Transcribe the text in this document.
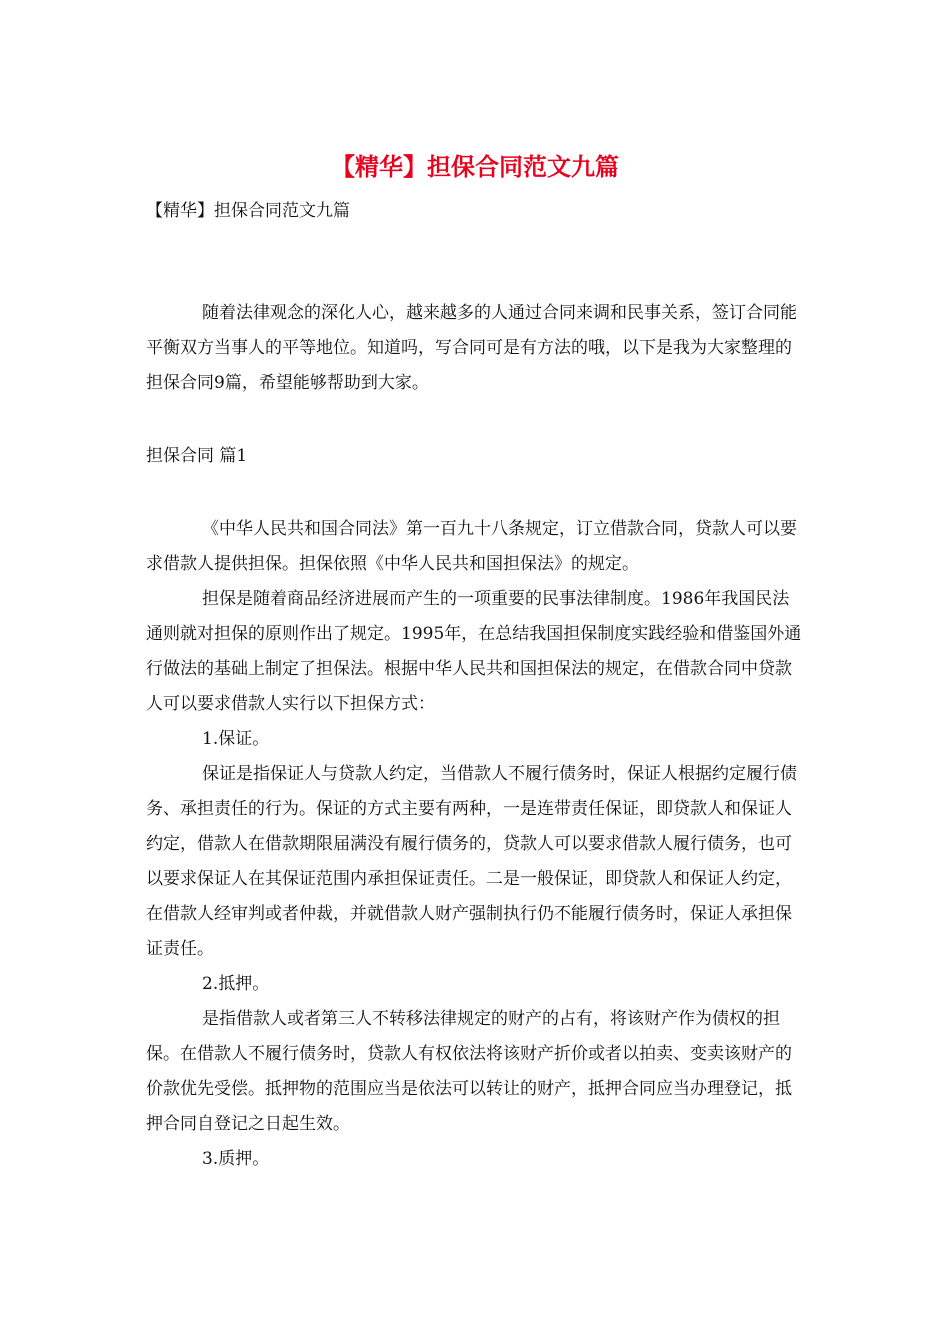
【精华】担保合同范文九篇
【精华】担保合同范文九篇

随着法律观念的深化人心，越来越多的人通过合同来调和民事关系，签订合同能平衡双方当事人的平等地位。知道吗，写合同可是有方法的哦，以下是我为大家整理的担保合同9篇，希望能够帮助到大家。

担保合同 篇1

《中华人民共和国合同法》第一百九十八条规定，订立借款合同，贷款人可以要求借款人提供担保。担保依照《中华人民共和国担保法》的规定。

担保是随着商品经济进展而产生的一项重要的民事法律制度。1986年我国民法通则就对担保的原则作出了规定。1995年，在总结我国担保制度实践经验和借鉴国外通行做法的基础上制定了担保法。根据中华人民共和国担保法的规定，在借款合同中贷款人可以要求借款人实行以下担保方式：

1.保证。

保证是指保证人与贷款人约定，当借款人不履行债务时，保证人根据约定履行债务、承担责任的行为。保证的方式主要有两种，一是连带责任保证，即贷款人和保证人约定，借款人在借款期限届满没有履行债务的，贷款人可以要求借款人履行债务，也可以要求保证人在其保证范围内承担保证责任。二是一般保证，即贷款人和保证人约定，在借款人经审判或者仲裁，并就借款人财产强制执行仍不能履行债务时，保证人承担保证责任。

2.抵押。

是指借款人或者第三人不转移法律规定的财产的占有，将该财产作为债权的担保。在借款人不履行债务时，贷款人有权依法将该财产折价或者以拍卖、变卖该财产的价款优先受偿。抵押物的范围应当是依法可以转让的财产，抵押合同应当办理登记，抵押合同自登记之日起生效。

3.质押。
